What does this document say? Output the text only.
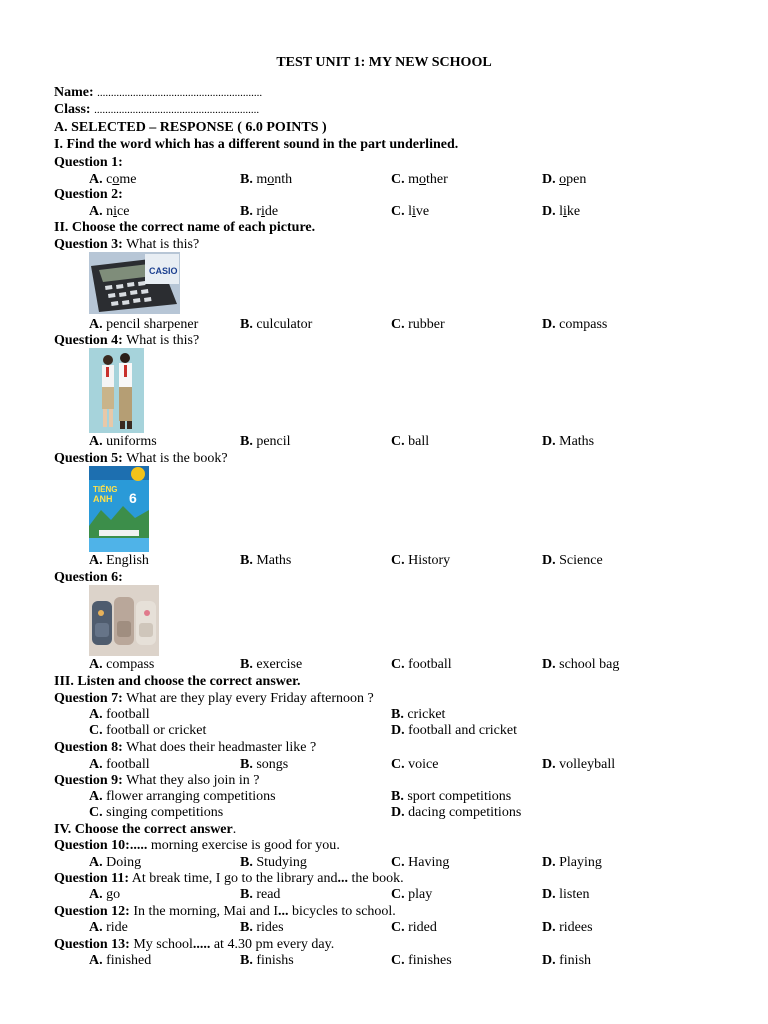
TEST UNIT 1: MY NEW SCHOOL
Name: ............................................................
Class: ............................................................
A. SELECTED – RESPONSE ( 6.0 POINTS )
I. Find the word which has a different sound in the part underlined.
Question 1:
A. come	B. month	C. mother	D. open
Question 2:
A. nice	B. ride	C. live	D. like
II. Choose the correct name of each picture.
Question 3: What is this?
CASIO
A. pencil sharpener	B. culculator	C. rubber	D. compass
Question 4: What is this?
A. uniforms	B. pencil	C. ball	D. Maths
Question 5: What is the book?
TIẾNG
ANH 6
A. English	B. Maths	C. History	D. Science
Question 6:
A. compass	B. exercise	C. football	D. school bag
III. Listen and choose the correct answer.
Question 7: What are they play every Friday afternoon ?
A. football	B. cricket
C. football or cricket	D. football and cricket
Question 8: What does their headmaster like ?
A. football	B. songs	C. voice	D. volleyball
Question 9: What they also join in ?
A. flower arranging competitions	B. sport competitions
C. singing competitions	D. dacing competitions
IV. Choose the correct answer.
Question 10:..... morning exercise is good for you.
A. Doing	B. Studying	C. Having	D. Playing
Question 11: At break time, I go to the library and... the book.
A. go	B. read	C. play	D. listen
Question 12: In the morning, Mai and I... bicycles to school.
A. ride	B. rides	C. rided	D. ridees
Question 13: My school..... at 4.30 pm every day.
A. finished	B. finishs	C. finishes	D. finish
